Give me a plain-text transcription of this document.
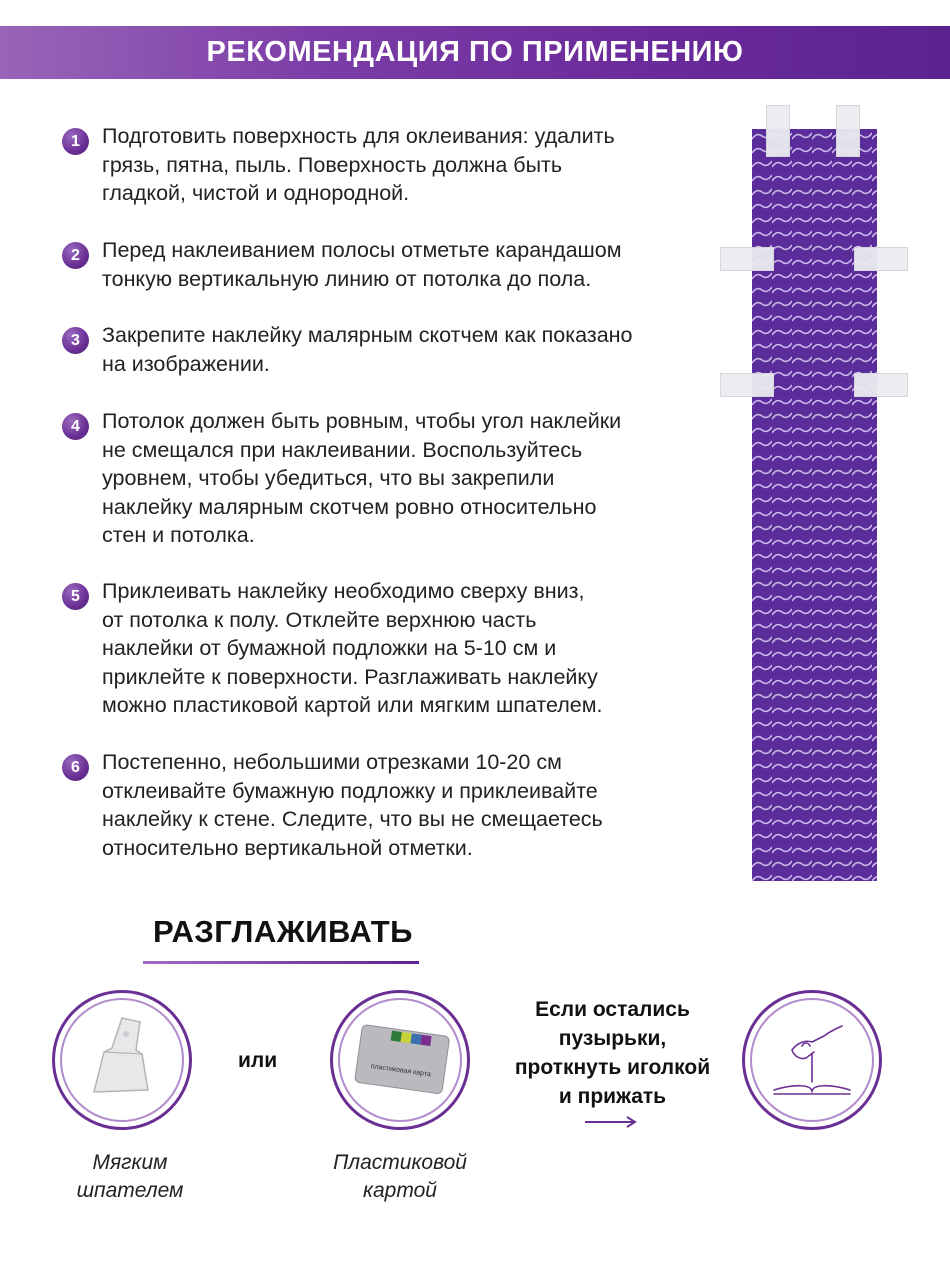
РЕКОМЕНДАЦИЯ ПО ПРИМЕНЕНИЮ
1	Подготовить поверхность для оклеивания: удалить
грязь, пятна, пыль. Поверхность должна быть
гладкой, чистой и однородной.
2	Перед наклеиванием полосы отметьте карандашом
тонкую вертикальную линию от потолка до пола.
3	Закрепите наклейку малярным скотчем как показано
на изображении.
4	Потолок должен быть ровным, чтобы угол наклейки
не смещался при наклеивании. Воспользуйтесь
уровнем, чтобы убедиться, что вы закрепили
наклейку малярным скотчем ровно относительно
стен и потолка.
5	Приклеивать наклейку необходимо сверху вниз,
от потолка к полу. Отклейте верхнюю часть
наклейки от бумажной подложки на 5-10 см и
приклейте к поверхности. Разглаживать наклейку
можно пластиковой картой или мягким шпателем.
6	Постепенно, небольшими отрезками 10-20 см
отклеивайте бумажную подложку и приклеивайте
наклейку к стене. Следите, что вы не смещаетесь
относительно вертикальной отметки.
РАЗГЛАЖИВАТЬ
или	пластиковая карта
Мягким
шпателем
Пластиковой
картой
Если остались
пузырьки,
проткнуть иголкой
и прижать
